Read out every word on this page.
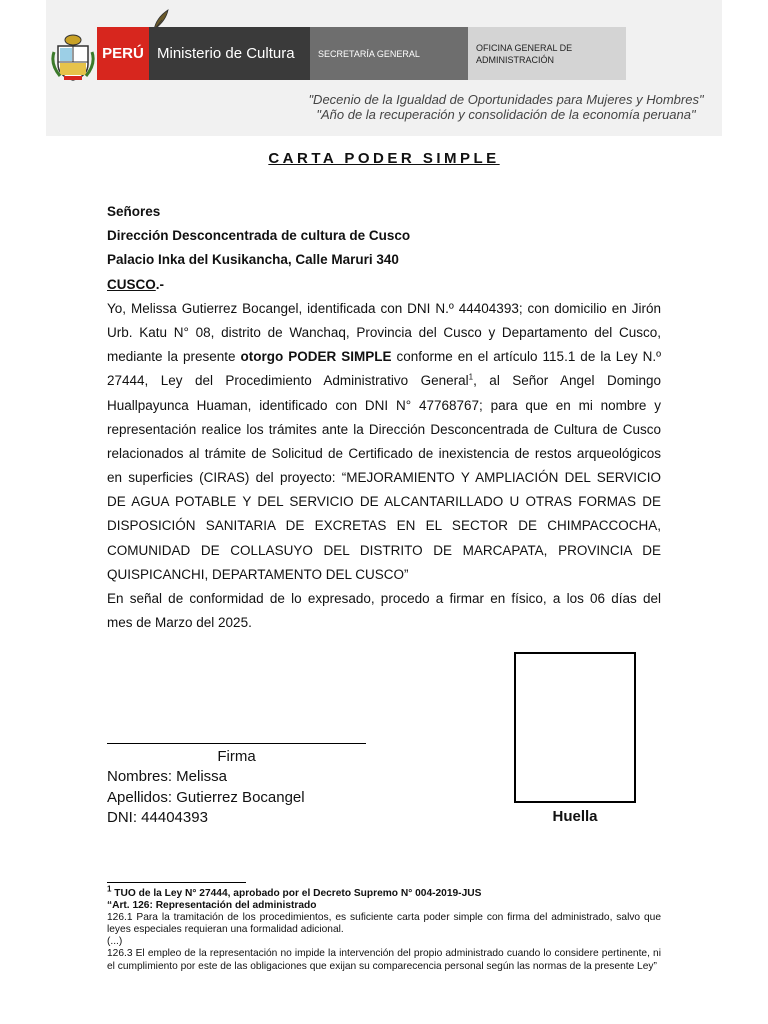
PERÚ Ministerio de Cultura	SECRETARÍA GENERAL
OFICINA GENERAL DE
ADMINISTRACIÓN
"Decenio de la Igualdad de Oportunidades para Mujeres y Hombres"
"Año de la recuperación y consolidación de la economía peruana"
CARTA PODER SIMPLE
Señores
Dirección Desconcentrada de cultura de Cusco
Palacio Inka del Kusikancha, Calle Maruri 340
CUSCO.-
Yo, Melissa Gutierrez Bocangel, identificada con DNI N.º 44404393; con domicilio en Jirón
Urb. Katu N° 08, distrito de Wanchaq, Provincia del Cusco y Departamento del Cusco,
mediante la presente otorgo PODER SIMPLE conforme en el artículo 115.1 de la Ley N.º
27444, Ley del Procedimiento Administrativo General$^1$, al Señor Angel Domingo
Huallpayunca Huaman, identificado con DNI N° 47768767; para que en mi nombre y
representación realice los trámites ante la Dirección Desconcentrada de Cultura de Cusco
relacionados al trámite de Solicitud de Certificado de inexistencia de restos arqueológicos
en superficies (CIRAS) del proyecto: “MEJORAMIENTO Y AMPLIACIÓN DEL SERVICIO
DE AGUA POTABLE Y DEL SERVICIO DE ALCANTARILLADO U OTRAS FORMAS DE
DISPOSICIÓN SANITARIA DE EXCRETAS EN EL SECTOR DE CHIMPACCOCHA,
COMUNIDAD DE COLLASUYO DEL DISTRITO DE MARCAPATA, PROVINCIA DE
QUISPICANCHI, DEPARTAMENTO DEL CUSCO”
En señal de conformidad de lo expresado, procedo a firmar en físico, a los 06 días del
mes de Marzo del 2025.
Firma
Nombres: Melissa
Apellidos: Gutierrez Bocangel
DNI: 44404393	Huella
$^1$ TUO de la Ley N° 27444, aprobado por el Decreto Supremo N° 004-2019-JUS
“Art. 126: Representación del administrado
126.1 Para la tramitación de los procedimientos, es suficiente carta poder simple con firma del administrado, salvo que leyes especiales requieran una formalidad adicional.
(...)
126.3 El empleo de la representación no impide la intervención del propio administrado cuando lo considere pertinente, ni el cumplimiento por este de las obligaciones que exijan su comparecencia personal según las normas de la presente Ley”
